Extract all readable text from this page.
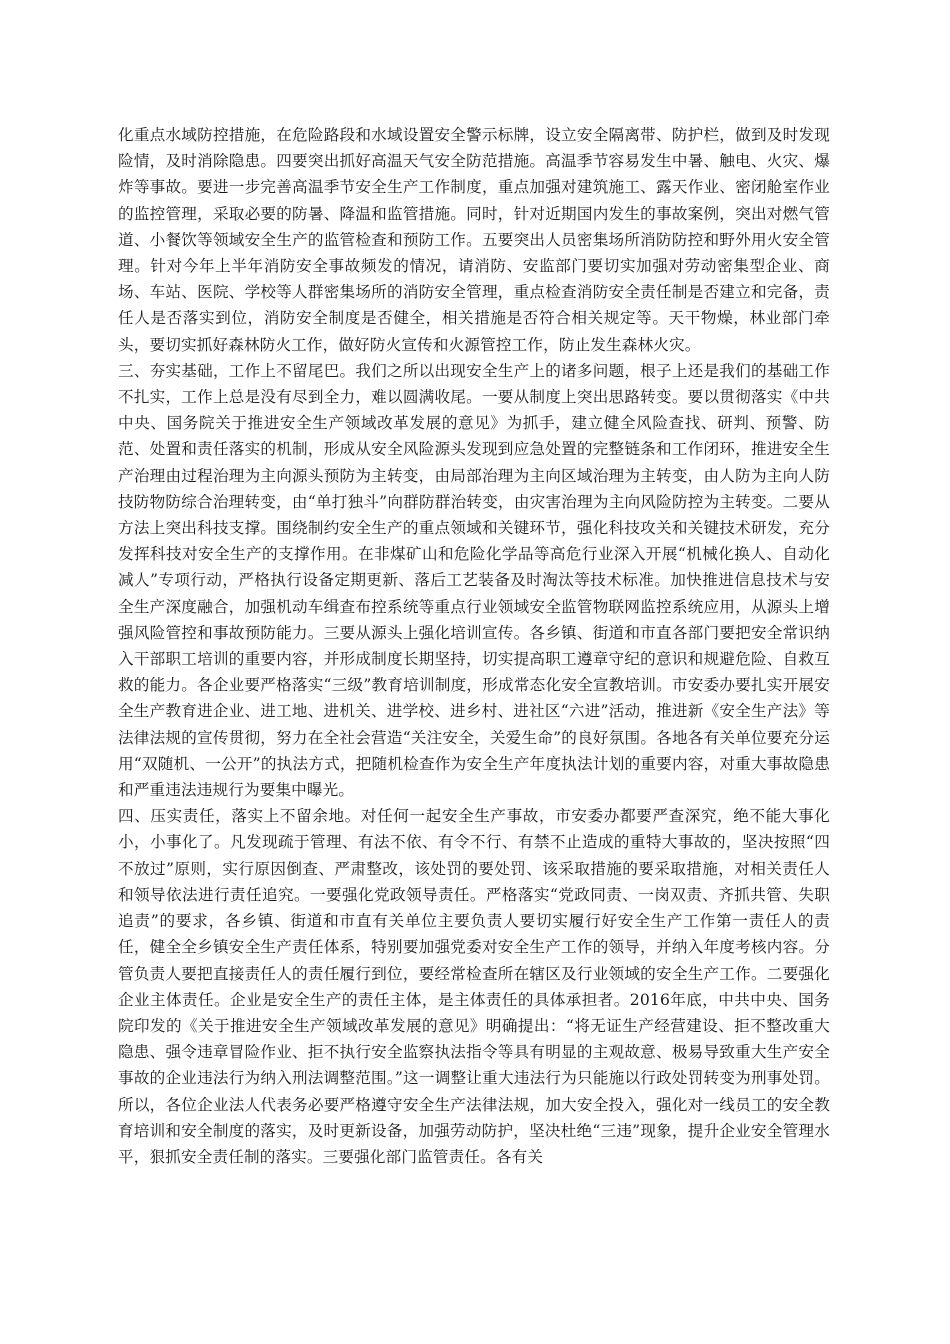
化重点水域防控措施，在危险路段和水域设置安全警示标牌，设立安全隔离带、防护栏，做到及时发现险情，及时消除隐患。四要突出抓好高温天气安全防范措施。高温季节容易发生中暑、触电、火灾、爆炸等事故。要进一步完善高温季节安全生产工作制度，重点加强对建筑施工、露天作业、密闭舱室作业的监控管理，采取必要的防暑、降温和监管措施。同时，针对近期国内发生的事故案例，突出对燃气管道、小餐饮等领域安全生产的监管检查和预防工作。五要突出人员密集场所消防防控和野外用火安全管理。针对今年上半年消防安全事故频发的情况，请消防、安监部门要切实加强对劳动密集型企业、商场、车站、医院、学校等人群密集场所的消防安全管理，重点检查消防安全责任制是否建立和完备，责任人是否落实到位，消防安全制度是否健全，相关措施是否符合相关规定等。天干物燥，林业部门牵头，要切实抓好森林防火工作，做好防火宣传和火源管控工作，防止发生森林火灾。

三、夯实基础，工作上不留尾巴。我们之所以出现安全生产上的诸多问题，根子上还是我们的基础工作不扎实，工作上总是没有尽到全力，难以圆满收尾。一要从制度上突出思路转变。要以贯彻落实《中共中央、国务院关于推进安全生产领域改革发展的意见》为抓手，建立健全风险查找、研判、预警、防范、处置和责任落实的机制，形成从安全风险源头发现到应急处置的完整链条和工作闭环，推进安全生产治理由过程治理为主向源头预防为主转变，由局部治理为主向区域治理为主转变，由人防为主向人防技防物防综合治理转变，由“单打独斗”向群防群治转变，由灾害治理为主向风险防控为主转变。二要从方法上突出科技支撑。围绕制约安全生产的重点领域和关键环节，强化科技攻关和关键技术研发，充分发挥科技对安全生产的支撑作用。在非煤矿山和危险化学品等高危行业深入开展“机械化换人、自动化减人”专项行动，严格执行设备定期更新、落后工艺装备及时淘汰等技术标准。加快推进信息技术与安全生产深度融合，加强机动车缉查布控系统等重点行业领域安全监管物联网监控系统应用，从源头上增强风险管控和事故预防能力。三要从源头上强化培训宣传。各乡镇、街道和市直各部门要把安全常识纳入干部职工培训的重要内容，并形成制度长期坚持，切实提高职工遵章守纪的意识和规避危险、自救互救的能力。各企业要严格落实“三级”教育培训制度，形成常态化安全宣教培训。市安委办要扎实开展安全生产教育进企业、进工地、进机关、进学校、进乡村、进社区“六进”活动，推进新《安全生产法》等法律法规的宣传贯彻，努力在全社会营造“关注安全，关爱生命”的良好氛围。各地各有关单位要充分运用“双随机、一公开”的执法方式，把随机检查作为安全生产年度执法计划的重要内容，对重大事故隐患和严重违法违规行为要集中曝光。

四、压实责任，落实上不留余地。对任何一起安全生产事故，市安委办都要严查深究，绝不能大事化小，小事化了。凡发现疏于管理、有法不依、有令不行、有禁不止造成的重特大事故的，坚决按照“四不放过”原则，实行原因倒查、严肃整改，该处罚的要处罚、该采取措施的要采取措施，对相关责任人和领导依法进行责任追究。一要强化党政领导责任。严格落实“党政同责、一岗双责、齐抓共管、失职追责”的要求，各乡镇、街道和市直有关单位主要负责人要切实履行好安全生产工作第一责任人的责任，健全全乡镇安全生产责任体系，特别要加强党委对安全生产工作的领导，并纳入年度考核内容。分管负责人要把直接责任人的责任履行到位，要经常检查所在辖区及行业领域的安全生产工作。二要强化企业主体责任。企业是安全生产的责任主体，是主体责任的具体承担者。2016年底，中共中央、国务院印发的《关于推进安全生产领域改革发展的意见》明确提出：“将无证生产经营建设、拒不整改重大隐患、强令违章冒险作业、拒不执行安全监察执法指令等具有明显的主观故意、极易导致重大生产安全事故的企业违法行为纳入刑法调整范围。”这一调整让重大违法行为只能施以行政处罚转变为刑事处罚。所以，各位企业法人代表务必要严格遵守安全生产法律法规，加大安全投入，强化对一线员工的安全教育培训和安全制度的落实，及时更新设备，加强劳动防护，坚决杜绝“三违”现象，提升企业安全管理水平，狠抓安全责任制的落实。三要强化部门监管责任。各有关
